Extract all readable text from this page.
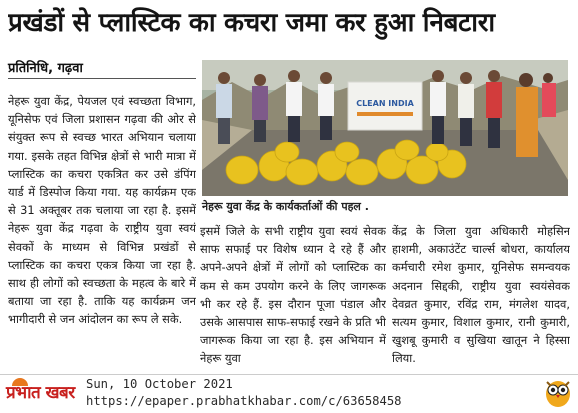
प्रखंडों से प्लास्टिक का कचरा जमा कर हुआ निबटारा
प्रतिनिधि, गढ़वा
नेहरू युवा केंद्र, पेयजल एवं स्वच्छता विभाग, यूनिसेफ एवं जिला प्रशासन गढ़वा की ओर से संयुक्त रूप से स्वच्छ भारत अभियान चलाया गया. इसके तहत विभिन्न क्षेत्रों से भारी मात्रा में प्लास्टिक का कचरा एकत्रित कर उसे डंपिंग यार्ड में डिस्पोज किया गया. यह कार्यक्रम एक से 31 अक्तूबर तक चलाया जा रहा है. इसमें नेहरू युवा केंद्र गढ़वा के राष्ट्रीय युवा स्वयं सेवकों के माध्यम से विभिन्न प्रखंडों से प्लास्टिक का कचरा एकत्र किया जा रहा है. साथ ही लोगों को स्वच्छता के महत्व के बारे में बताया जा रहा है. ताकि यह कार्यक्रम जन भागीदारी से जन आंदोलन का रूप ले सके.
CLEAN INDIA
नेहरू युवा केंद्र के कार्यकर्ताओं की पहल .
इसमें जिले के सभी राष्ट्रीय युवा स्वयं सेवक साफ सफाई पर विशेष ध्यान दे रहे हैं और अपने-अपने क्षेत्रों में लोगों को प्लास्टिक का कम से कम उपयोग करने के लिए जागरूक भी कर रहे हैं. इस दौरान पूजा पंडाल और उसके आसपास साफ-सफाई रखने के प्रति भी जागरूक किया जा रहा है. इस अभियान में नेहरू युवा
केंद्र के जिला युवा अधिकारी मोहसिन हाशमी, अकाउंटेंट चार्ल्स बोधरा, कार्यालय कर्मचारी रमेश कुमार, यूनिसेफ समन्वयक अदनान सिद्दकी, राष्ट्रीय युवा स्वयंसेवक देवव्रत कुमार, रविंद्र राम, मंगलेश यादव, सत्यम कुमार, विशाल कुमार, रानी कुमारी, खुशबू कुमारी व सुखिया खातून ने हिस्सा लिया.
प्रभात खबर Sun, 10 October 2021
https://epaper.prabhatkhabar.com/c/63658458
